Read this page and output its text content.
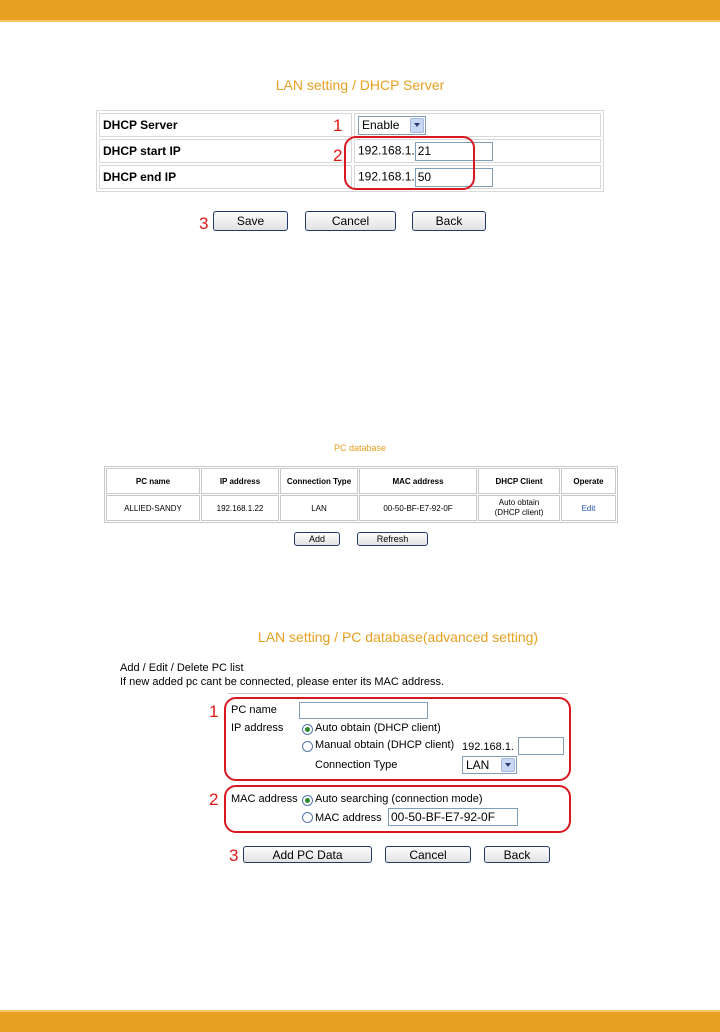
LAN setting / DHCP Server
DHCP Server	Enable

DHCP start IP	192.168.1. 21
DHCP end IP	192.168.1. 50
1
2
3	Save	Cancel	Back
PC database
PC name	IP address	Connection Type	MAC address	DHCP Client	Operate
ALLIED-SANDY	192.168.1.22	LAN	00-50-BF-E7-92-0F	Auto obtain (DHCP client)	Edit
Add	Refresh
LAN setting / PC database(advanced setting)
Add / Edit / Delete PC list
If new added pc cant be connected, please enter its MAC address.
1 PC name
IP address	Auto obtain (DHCP client)
Manual obtain (DHCP client) 192.168.1.
Connection Type	LAN
2 MAC address Auto searching (connection mode)
MAC address 00-50-BF-E7-92-0F
3	Add PC Data	Cancel	Back
